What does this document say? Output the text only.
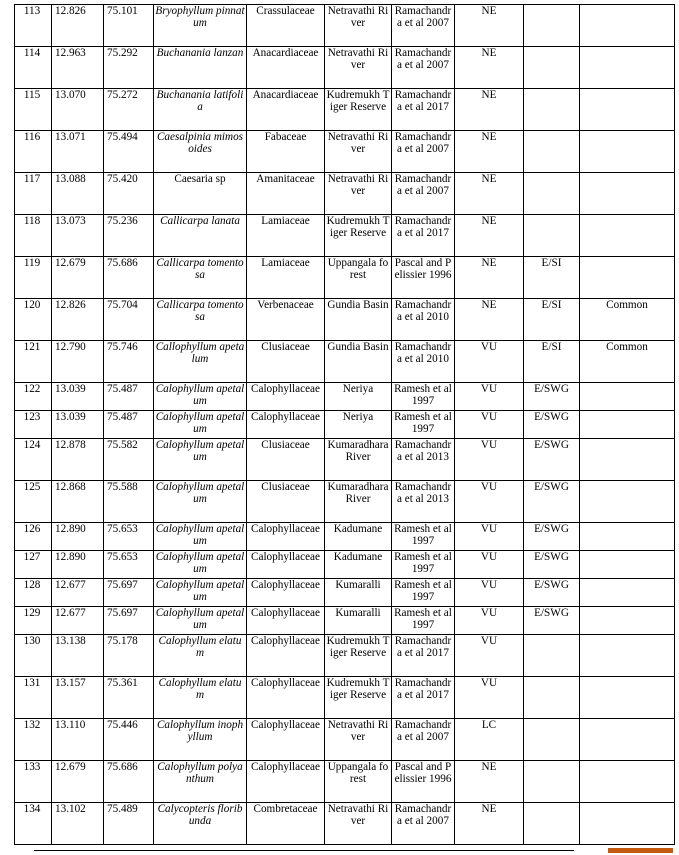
113	12.826	75.101	Bryophyllum pinnatum	Crassulaceae	Netravathi River	Ramachandra et al 2007	NE		
114	12.963	75.292	Buchanania lanzan	Anacardiaceae	Netravathi River	Ramachandra et al 2007	NE		
115	13.070	75.272	Buchanania latifolia	Anacardiaceae	Kudremukh Tiger Reserve	Ramachandra et al 2017	NE		
116	13.071	75.494	Caesalpinia mimosoides	Fabaceae	Netravathi River	Ramachandra et al 2007	NE		
117	13.088	75.420	Caesaria sp	Amanitaceae	Netravathi River	Ramachandra et al 2007	NE		
118	13.073	75.236	Callicarpa lanata	Lamiaceae	Kudremukh Tiger Reserve	Ramachandra et al 2017	NE		
119	12.679	75.686	Callicarpa tomentosa	Lamiaceae	Uppangala forest	Pascal and Pelissier 1996	NE	E/SI	
120	12.826	75.704	Callicarpa tomentosa	Verbenaceae	Gundia Basin	Ramachandra et al 2010	NE	E/SI	Common
121	12.790	75.746	Callophyllum apetalum	Clusiaceae	Gundia Basin	Ramachandra et al 2010	VU	E/SI	Common
122	13.039	75.487	Calophyllum apetalum	Calophyllaceae	Neriya	Ramesh et al 1997	VU	E/SWG	
123	13.039	75.487	Calophyllum apetalum	Calophyllaceae	Neriya	Ramesh et al 1997	VU	E/SWG	
124	12.878	75.582	Calophyllum apetalum	Clusiaceae	Kumaradhara River	Ramachandra et al 2013	VU	E/SWG	
125	12.868	75.588	Calophyllum apetalum	Clusiaceae	Kumaradhara River	Ramachandra et al 2013	VU	E/SWG	
126	12.890	75.653	Calophyllum apetalum	Calophyllaceae	Kadumane	Ramesh et al 1997	VU	E/SWG	
127	12.890	75.653	Calophyllum apetalum	Calophyllaceae	Kadumane	Ramesh et al 1997	VU	E/SWG	
128	12.677	75.697	Calophyllum apetalum	Calophyllaceae	Kumaralli	Ramesh et al 1997	VU	E/SWG	
129	12.677	75.697	Calophyllum apetalum	Calophyllaceae	Kumaralli	Ramesh et al 1997	VU	E/SWG	
130	13.138	75.178	Calophyllum elatum	Calophyllaceae	Kudremukh Tiger Reserve	Ramachandra et al 2017	VU		
131	13.157	75.361	Calophyllum elatum	Calophyllaceae	Kudremukh Tiger Reserve	Ramachandra et al 2017	VU		
132	13.110	75.446	Calophyllum inophyllum	Calophyllaceae	Netravathi River	Ramachandra et al 2007	LC		
133	12.679	75.686	Calophyllum polyanthum	Calophyllaceae	Uppangala forest	Pascal and Pelissier 1996	NE		
134	13.102	75.489	Calycopteris floribunda	Combretaceae	Netravathi River	Ramachandra et al 2007	NE		
